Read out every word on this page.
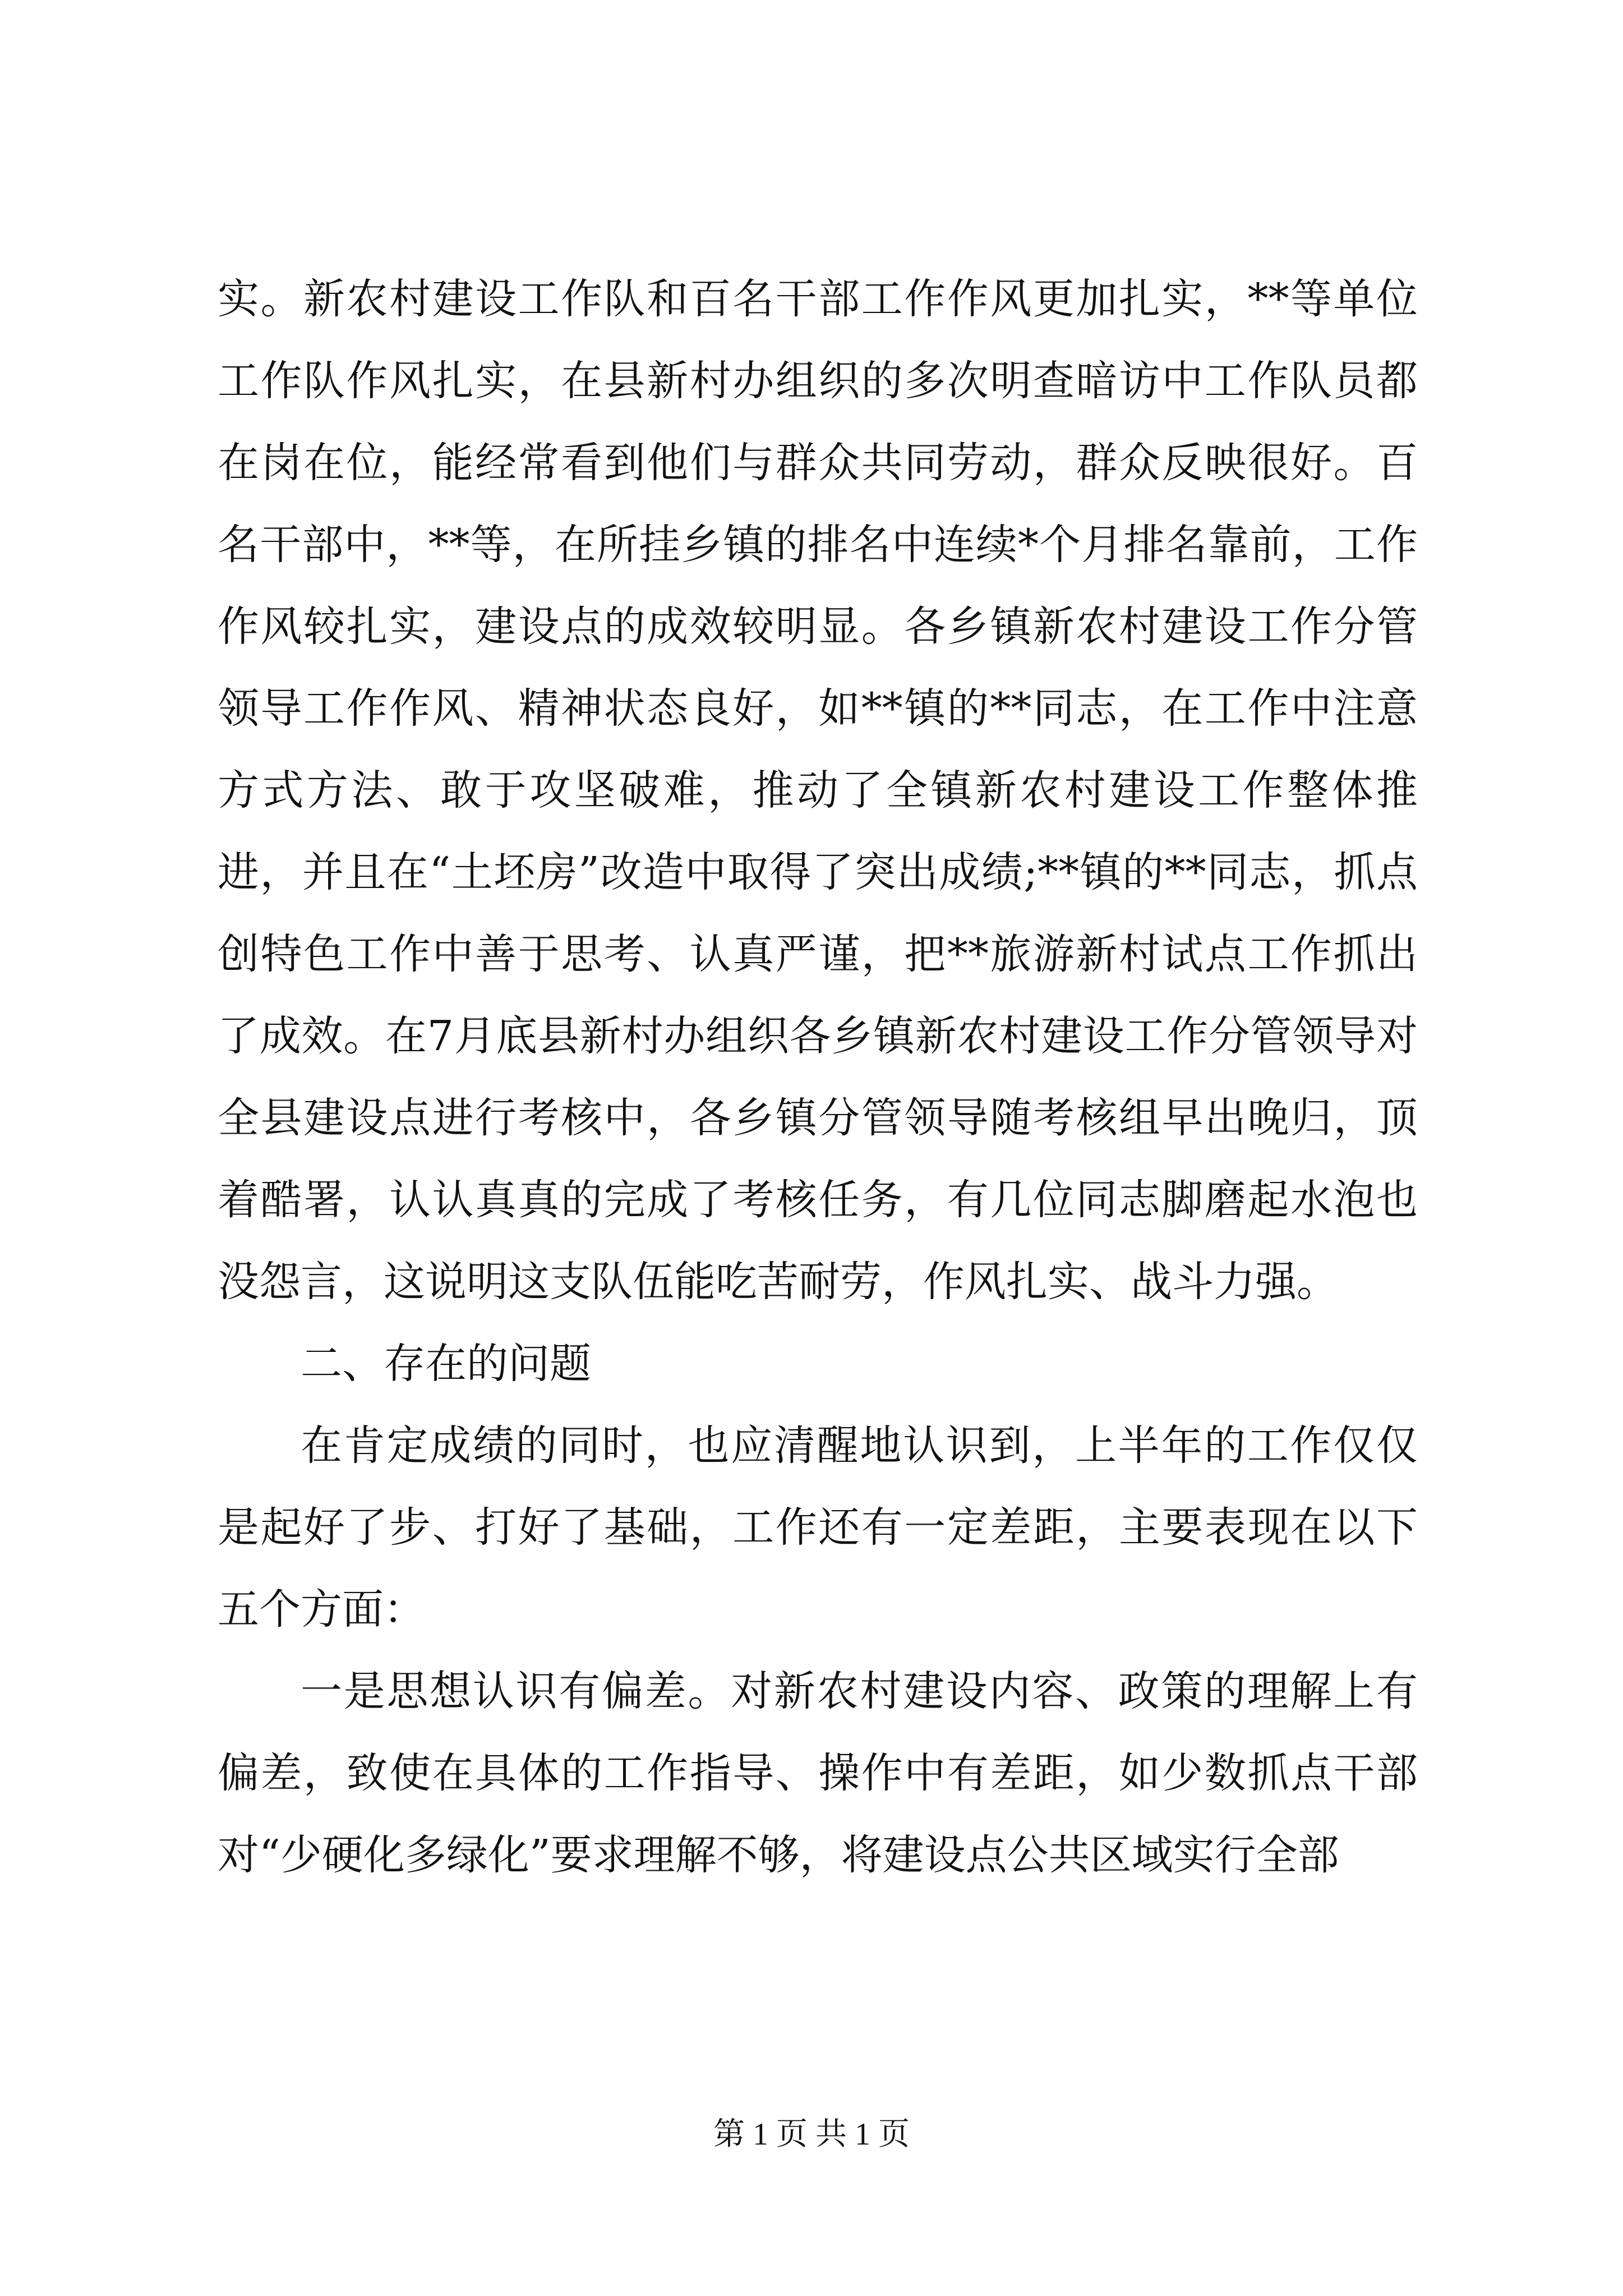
实。新农村建设工作队和百名干部工作作风更加扎实，**等单位工作队作风扎实，在县新村办组织的多次明查暗访中工作队员都在岗在位，能经常看到他们与群众共同劳动，群众反映很好。百名干部中，**等，在所挂乡镇的排名中连续*个月排名靠前，工作作风较扎实，建设点的成效较明显。各乡镇新农村建设工作分管领导工作作风、精神状态良好，如**镇的**同志，在工作中注意方式方法、敢于攻坚破难，推动了全镇新农村建设工作整体推进，并且在“土坯房”改造中取得了突出成绩;**镇的**同志，抓点创特色工作中善于思考、认真严谨，把**旅游新村试点工作抓出了成效。在7月底县新村办组织各乡镇新农村建设工作分管领导对全县建设点进行考核中，各乡镇分管领导随考核组早出晚归，顶着酷署，认认真真的完成了考核任务，有几位同志脚磨起水泡也没怨言，这说明这支队伍能吃苦耐劳，作风扎实、战斗力强。

二、存在的问题

在肯定成绩的同时，也应清醒地认识到，上半年的工作仅仅是起好了步、打好了基础，工作还有一定差距，主要表现在以下五个方面：

一是思想认识有偏差。对新农村建设内容、政策的理解上有偏差，致使在具体的工作指导、操作中有差距，如少数抓点干部对“少硬化多绿化”要求理解不够，将建设点公共区域实行全部

第 1 页 共 1 页
